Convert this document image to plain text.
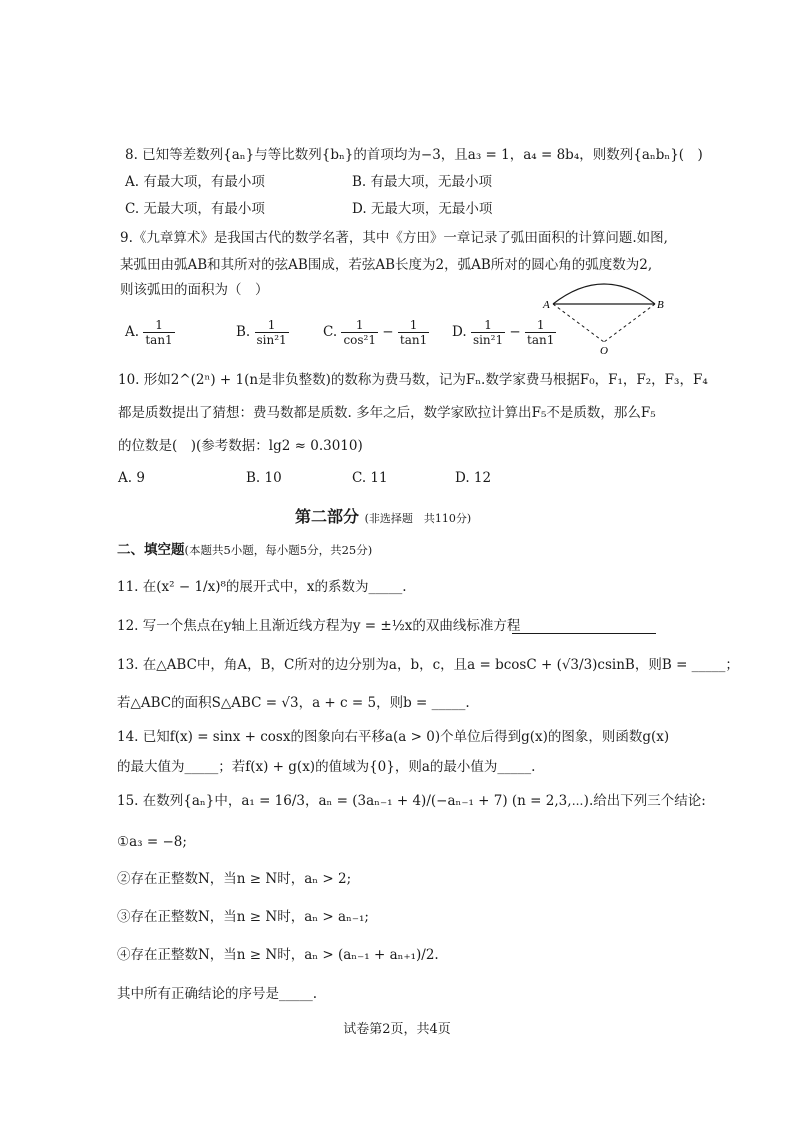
8. 已知等差数列{aₙ}与等比数列{bₙ}的首项均为−3，且a₃ = 1，a₄ = 8b₄，则数列{aₙbₙ}(　)
A. 有最大项，有最小项	B. 有最大项，无最小项
C. 无最大项，有最小项	D. 无最大项，无最小项
9.《九章算术》是我国古代的数学名著，其中《方田》一章记录了弧田面积的计算问题.如图,
某弧田由弧AB和其所对的弦AB围成，若弦AB长度为2，弧AB所对的圆心角的弧度数为2,
则该弧田的面积为（　）
A	B
O
A. $\frac{1}{\tan 1}$	B. $\frac{1}{\text{sin²1}}$	C. $\frac{1}{\text{cos²1}} - \frac{1}{\tan 1} D$. $\frac{1}{\text{sin²1}} - \frac{1}{\tan 1}$
10. 形如2^(2ⁿ) + 1(n是非负整数)的数称为费马数，记为Fₙ.数学家费马根据F₀，F₁，F₂，F₃，F₄
都是质数提出了猜想：费马数都是质数. 多年之后，数学家欧拉计算出F₅不是质数，那么F₅
的位数是(　)(参考数据：lg2 ≈ 0.3010)
A. 9	B. 10	C. 11	D. 12
第二部分 (非选择题　共110分)
二、填空题(本题共5小题，每小题5分，共25分)
11. 在(x² − 1/x)⁸的展开式中，x的系数为_____.
12. 写一个焦点在y轴上且渐近线方程为y = ±½x的双曲线标准方程
13. 在△ABC中，角A，B，C所对的边分别为a，b，c，且a = bcosC + (√3/3)csinB，则B = _____；
若△ABC的面积S△ABC = √3，a + c = 5，则b = _____.
14. 已知f(x) = sinx + cosx的图象向右平移a(a > 0)个单位后得到g(x)的图象，则函数g(x)
的最大值为_____；若f(x) + g(x)的值域为{0}，则a的最小值为_____.
15. 在数列{aₙ}中，a₁ = 16/3，aₙ = (3aₙ₋₁ + 4)/(−aₙ₋₁ + 7) (n = 2,3,⋯).给出下列三个结论:
①a₃ = −8;
②存在正整数N，当n ≥ N时，aₙ > 2;
③存在正整数N，当n ≥ N时，aₙ > aₙ₋₁;
④存在正整数N，当n ≥ N时，aₙ > (aₙ₋₁ + aₙ₊₁)/2.
其中所有正确结论的序号是_____.
试卷第2页，共4页
